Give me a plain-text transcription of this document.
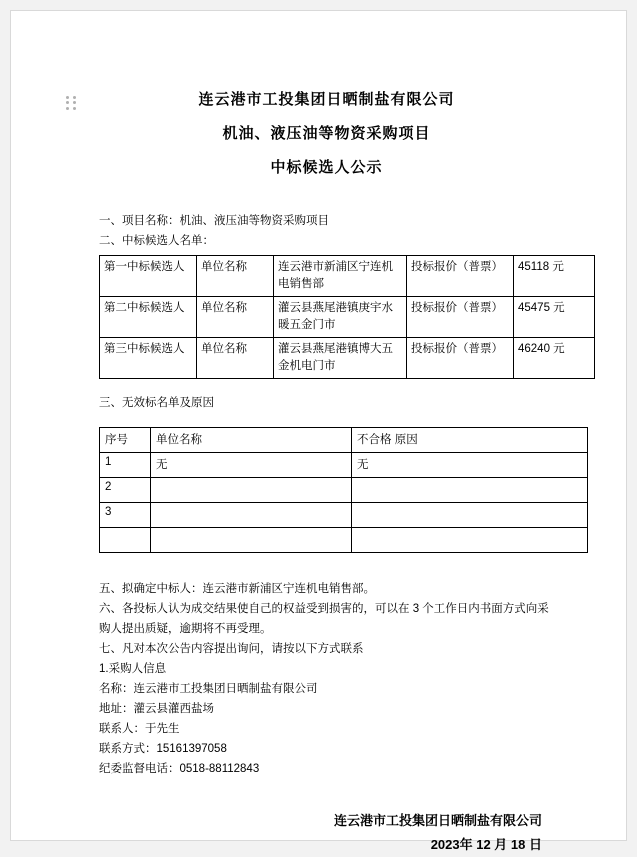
连云港市工投集团日晒制盐有限公司
机油、液压油等物资采购项目
中标候选人公示
一、项目名称：机油、液压油等物资采购项目
二、中标候选人名单：
第一中标候选人	单位名称	连云港市新浦区宁连机电销售部	投标报价（普票）	45118 元
第二中标候选人	单位名称	灌云县燕尾港镇庚宇水暖五金门市	投标报价（普票）	45475 元
第三中标候选人	单位名称	灌云县燕尾港镇博大五金机电门市	投标报价（普票）	46240 元
三、无效标名单及原因
序号	单位名称	不合格 原因
1	无	无
2		
3		

五、拟确定中标人：连云港市新浦区宁连机电销售部。
六、各投标人认为成交结果使自己的权益受到损害的，可以在 3 个工作日内书面方式向采购人提出质疑，逾期将不再受理。
七、凡对本次公告内容提出询问，请按以下方式联系
1.采购人信息
名称：连云港市工投集团日晒制盐有限公司
地址：灌云县灌西盐场
联系人：于先生
联系方式：15161397058
纪委监督电话：0518-88112843
连云港市工投集团日晒制盐有限公司
2023年 12 月 18 日
